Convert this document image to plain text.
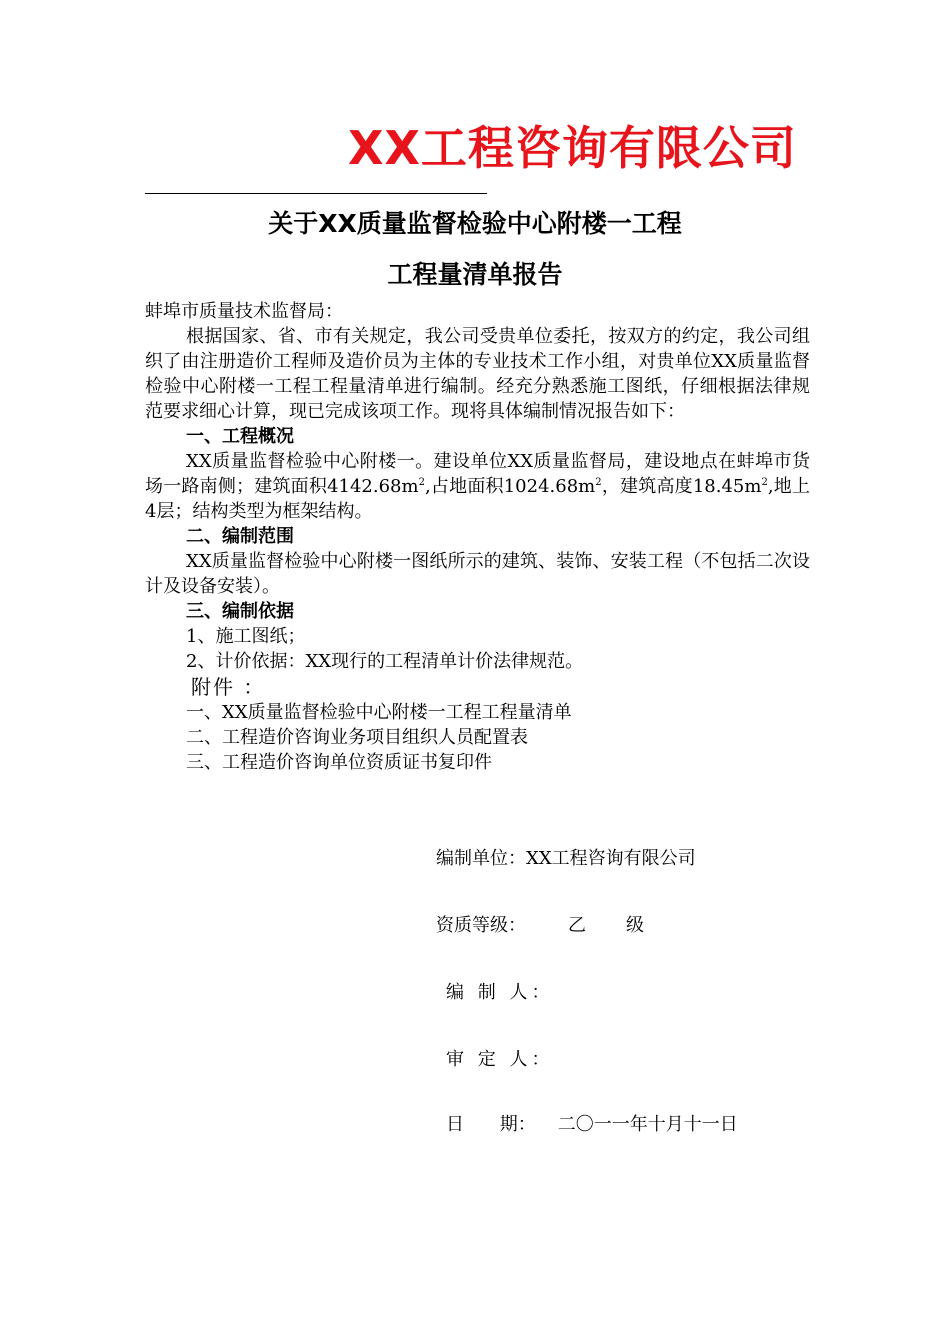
XX工程咨询有限公司
关于XX质量监督检验中心附楼一工程
工程量清单报告

蚌埠市质量技术监督局：

根据国家、省、市有关规定，我公司受贵单位委托，按双方的约定，我公司组织了由注册造价工程师及造价员为主体的专业技术工作小组，对贵单位XX质量监督检验中心附楼一工程工程量清单进行编制。经充分熟悉施工图纸，仔细根据法律规范要求细心计算，现已完成该项工作。现将具体编制情况报告如下：

一、工程概况

XX质量监督检验中心附楼一。建设单位XX质量监督局，建设地点在蚌埠市货场一路南侧；建筑面积$4142.68m^2$,占地面积$1024.68m^2$，建筑高度$18.45m^2$,地上4层；结构类型为框架结构。

二、编制范围

XX质量监督检验中心附楼一图纸所示的建筑、装饰、安装工程（不包括二次设计及设备安装）。

三、编制依据

1、施工图纸；

2、计价依据：XX现行的工程清单计价法律规范。

附件 ：

一、XX质量监督检验中心附楼一工程工程量清单

二、工程造价咨询业务项目组织人员配置表

三、工程造价咨询单位资质证书复印件

编制单位：XX工程咨询有限公司
资质等级： 乙级
编 制 人：
审 定 人：
日 期： 二〇一一年十月十一日
